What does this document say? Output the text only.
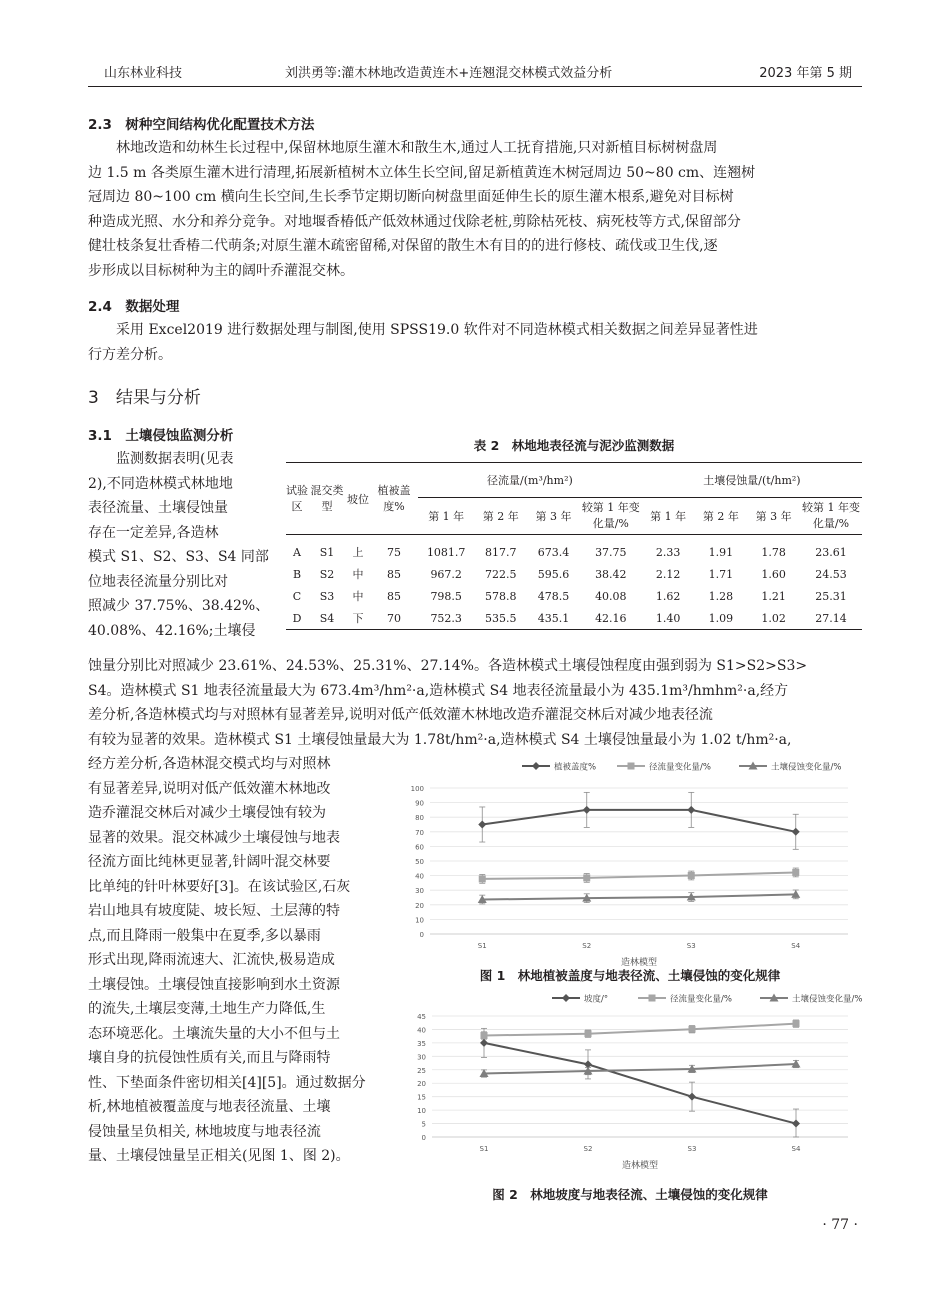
山东林业科技	刘洪勇等:灌木林地改造黄连木+连翘混交林模式效益分析	2023 年第 5 期
2.3　树种空间结构优化配置技术方法
林地改造和幼林生长过程中,保留林地原生灌木和散生木,通过人工抚育措施,只对新植目标树树盘周
边 1.5 m 各类原生灌木进行清理,拓展新植树木立体生长空间,留足新植黄连木树冠周边 50~80 cm、连翘树
冠周边 80~100 cm 横向生长空间,生长季节定期切断向树盘里面延伸生长的原生灌木根系,避免对目标树
种造成光照、水分和养分竞争。对地堰香椿低产低效林通过伐除老桩,剪除枯死枝、病死枝等方式,保留部分
健壮枝条复壮香椿二代萌条;对原生灌木疏密留稀,对保留的散生木有目的的进行修枝、疏伐或卫生伐,逐
步形成以目标树种为主的阔叶乔灌混交林。
2.4　数据处理
采用 Excel2019 进行数据处理与制图,使用 SPSS19.0 软件对不同造林模式相关数据之间差异显著性进
行方差分析。
3　结果与分析
3.1　土壤侵蚀监测分析
监测数据表明(见表
2),不同造林模式林地地
表径流量、土壤侵蚀量
存在一定差异,各造林
模式 S1、S2、S3、S4 同部
位地表径流量分别比对
照减少 37.75%、38.42%、
40.08%、42.16%;土壤侵
表 2　林地地表径流与泥沙监测数据
试验区	混交类型	坡位	植被盖度%	径流量/(m³/hm²)				土壤侵蚀量/(t/hm²)			
				第 1 年	第 2 年	第 3 年	较第 1 年变化量/%	第 1 年	第 2 年	第 3 年	较第 1 年变化量/%
A	S1	上	75	1081.7	817.7	673.4	37.75	2.33	1.91	1.78	23.61
B	S2	中	85	967.2	722.5	595.6	38.42	2.12	1.71	1.60	24.53
C	S3	中	85	798.5	578.8	478.5	40.08	1.62	1.28	1.21	25.31
D	S4	下	70	752.3	535.5	435.1	42.16	1.40	1.09	1.02	27.14
蚀量分别比对照减少 23.61%、24.53%、25.31%、27.14%。各造林模式土壤侵蚀程度由强到弱为 S1>S2>S3>
S4。造林模式 S1 地表径流量最大为 673.4m³/hm²·a,造林模式 S4 地表径流量最小为 435.1m³/hmhm²·a,经方
差分析,各造林模式均与对照林有显著差异,说明对低产低效灌木林地改造乔灌混交林后对减少地表径流
有较为显著的效果。造林模式 S1 土壤侵蚀量最大为 1.78t/hm²·a,造林模式 S4 土壤侵蚀量最小为 1.02 t/hm²·a,
经方差分析,各造林混交模式均与对照林
有显著差异,说明对低产低效灌木林地改
造乔灌混交林后对减少土壤侵蚀有较为
显著的效果。混交林减少土壤侵蚀与地表
径流方面比纯林更显著,针阔叶混交林要
比单纯的针叶林要好[3]。在该试验区,石灰
岩山地具有坡度陡、坡长短、土层薄的特
点,而且降雨一般集中在夏季,多以暴雨
形式出现,降雨流速大、汇流快,极易造成
土壤侵蚀。土壤侵蚀直接影响到水土资源
的流失,土壤层变薄,土地生产力降低,生
态环境恶化。土壤流失量的大小不但与土
壤自身的抗侵蚀性质有关,而且与降雨特
性、下垫面条件密切相关[4][5]。通过数据分
析,林地植被覆盖度与地表径流量、土壤
侵蚀量呈负相关, 林地坡度与地表径流
量、土壤侵蚀量呈正相关(见图 1、图 2)。
植被盖度%	径流量变化量/%	土壤侵蚀变化量/%
0
10
20
30
40
50
60
70
80
90
100
S1	S2	S3	S4
造林模型
图 1　林地植被盖度与地表径流、土壤侵蚀的变化规律
坡度/°	径流量变化量/%	土壤侵蚀变化量/%
0
5
10
15
20
25
30
35
40
45
S1	S2	S3	S4
造林模型
图 2　林地坡度与地表径流、土壤侵蚀的变化规律
· 77 ·
